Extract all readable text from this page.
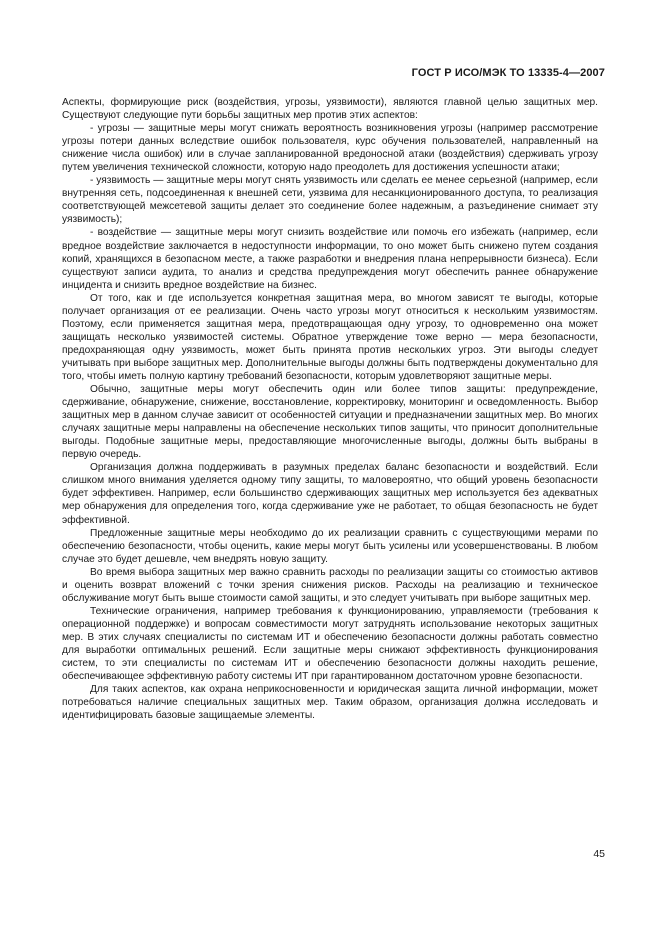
ГОСТ Р ИСО/МЭК ТО 13335-4—2007

Аспекты, формирующие риск (воздействия, угрозы, уязвимости), являются главной целью защитных мер. Существуют следующие пути борьбы защитных мер против этих аспектов:

- угрозы — защитные меры могут снижать вероятность возникновения угрозы (например рассмотрение угрозы потери данных вследствие ошибок пользователя, курс обучения пользователей, направленный на снижение числа ошибок) или в случае запланированной вредоносной атаки (воздействия) сдерживать угрозу путем увеличения технической сложности, которую надо преодолеть для достижения успешности атаки;

- уязвимость — защитные меры могут снять уязвимость или сделать ее менее серьезной (например, если внутренняя сеть, подсоединенная к внешней сети, уязвима для несанкционированного доступа, то реализация соответствующей межсетевой защиты делает это соединение более надежным, а разъединение снимает эту уязвимость);

- воздействие — защитные меры могут снизить воздействие или помочь его избежать (например, если вредное воздействие заключается в недоступности информации, то оно может быть снижено путем создания копий, хранящихся в безопасном месте, а также разработки и внедрения плана непрерывности бизнеса). Если существуют записи аудита, то анализ и средства предупреждения могут обеспечить раннее обнаружение инцидента и снизить вредное воздействие на бизнес.

От того, как и где используется конкретная защитная мера, во многом зависят те выгоды, которые получает организация от ее реализации. Очень часто угрозы могут относиться к нескольким уязвимостям. Поэтому, если применяется защитная мера, предотвращающая одну угрозу, то одновременно она может защищать несколько уязвимостей системы. Обратное утверждение тоже верно — мера безопасности, предохраняющая одну уязвимость, может быть принята против нескольких угроз. Эти выгоды следует учитывать при выборе защитных мер. Дополнительные выгоды должны быть подтверждены документально для того, чтобы иметь полную картину требований безопасности, которым удовлетворяют защитные меры.

Обычно, защитные меры могут обеспечить один или более типов защиты: предупреждение, сдерживание, обнаружение, снижение, восстановление, корректировку, мониторинг и осведомленность. Выбор защитных мер в данном случае зависит от особенностей ситуации и предназначении защитных мер. Во многих случаях защитные меры направлены на обеспечение нескольких типов защиты, что приносит дополнительные выгоды. Подобные защитные меры, предоставляющие многочисленные выгоды, должны быть выбраны в первую очередь.

Организация должна поддерживать в разумных пределах баланс безопасности и воздействий. Если слишком много внимания уделяется одному типу защиты, то маловероятно, что общий уровень безопасности будет эффективен. Например, если большинство сдерживающих защитных мер используется без адекватных мер обнаружения для определения того, когда сдерживание уже не работает, то общая безопасность не будет эффективной.

Предложенные защитные меры необходимо до их реализации сравнить с существующими мерами по обеспечению безопасности, чтобы оценить, какие меры могут быть усилены или усовершенствованы. В любом случае это будет дешевле, чем внедрять новую защиту.

Во время выбора защитных мер важно сравнить расходы по реализации защиты со стоимостью активов и оценить возврат вложений с точки зрения снижения рисков. Расходы на реализацию и техническое обслуживание могут быть выше стоимости самой защиты, и это следует учитывать при выборе защитных мер.

Технические ограничения, например требования к функционированию, управляемости (требования к операционной поддержке) и вопросам совместимости могут затруднять использование некоторых защитных мер. В этих случаях специалисты по системам ИТ и обеспечению безопасности должны работать совместно для выработки оптимальных решений. Если защитные меры снижают эффективность функционирования систем, то эти специалисты по системам ИТ и обеспечению безопасности должны находить решение, обеспечивающее эффективную работу системы ИТ при гарантированном достаточном уровне безопасности.

Для таких аспектов, как охрана неприкосновенности и юридическая защита личной информации, может потребоваться наличие специальных защитных мер. Таким образом, организация должна исследовать и идентифицировать базовые защищаемые элементы.

45
